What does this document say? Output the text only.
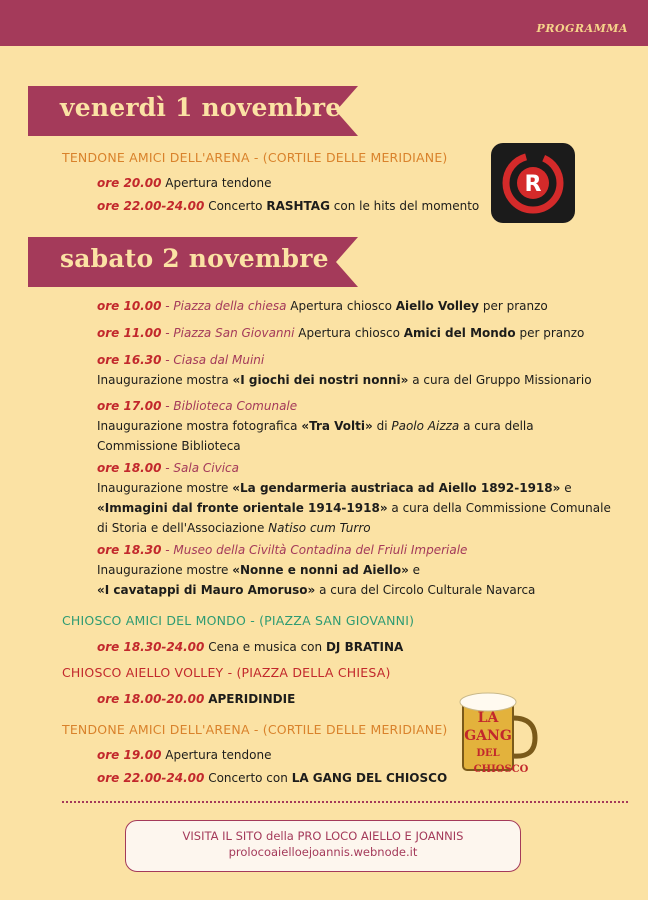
PROGRAMMA
venerdì 1 novembre
TENDONE AMICI DELL'ARENA - (CORTILE DELLE MERIDIANE)
ore 20.00 Apertura tendone
ore 22.00-24.00 Concerto RASHTAG con le hits del momento
R
sabato 2 novembre
ore 10.00 - Piazza della chiesa Apertura chiosco Aiello Volley per pranzo
ore 11.00 - Piazza San Giovanni Apertura chiosco Amici del Mondo per pranzo
ore 16.30 - Ciasa dal Muini
Inaugurazione mostra «I giochi dei nostri nonni» a cura del Gruppo Missionario
ore 17.00 - Biblioteca Comunale
Inaugurazione mostra fotografica «Tra Volti» di Paolo Aizza a cura della
Commissione Biblioteca
ore 18.00 - Sala Civica
Inaugurazione mostre «La gendarmeria austriaca ad Aiello 1892-1918» e
«Immagini dal fronte orientale 1914-1918» a cura della Commissione Comunale
di Storia e dell'Associazione Natiso cum Turro
ore 18.30 - Museo della Civiltà Contadina del Friuli Imperiale
Inaugurazione mostre «Nonne e nonni ad Aiello» e
«I cavatappi di Mauro Amoruso» a cura del Circolo Culturale Navarca
CHIOSCO AMICI DEL MONDO - (PIAZZA SAN GIOVANNI)
ore 18.30-24.00 Cena e musica con DJ BRATINA
CHIOSCO AIELLO VOLLEY - (PIAZZA DELLA CHIESA)
ore 18.00-20.00 APERIDINDIE
TENDONE AMICI DELL'ARENA - (CORTILE DELLE MERIDIANE)
ore 19.00 Apertura tendone
ore 22.00-24.00 Concerto con LA GANG DEL CHIOSCO
LA
GANG
DEL
CHIOSCO
VISITA IL SITO della PRO LOCO AIELLO E JOANNIS
prolocoaielloejoannis.webnode.it
